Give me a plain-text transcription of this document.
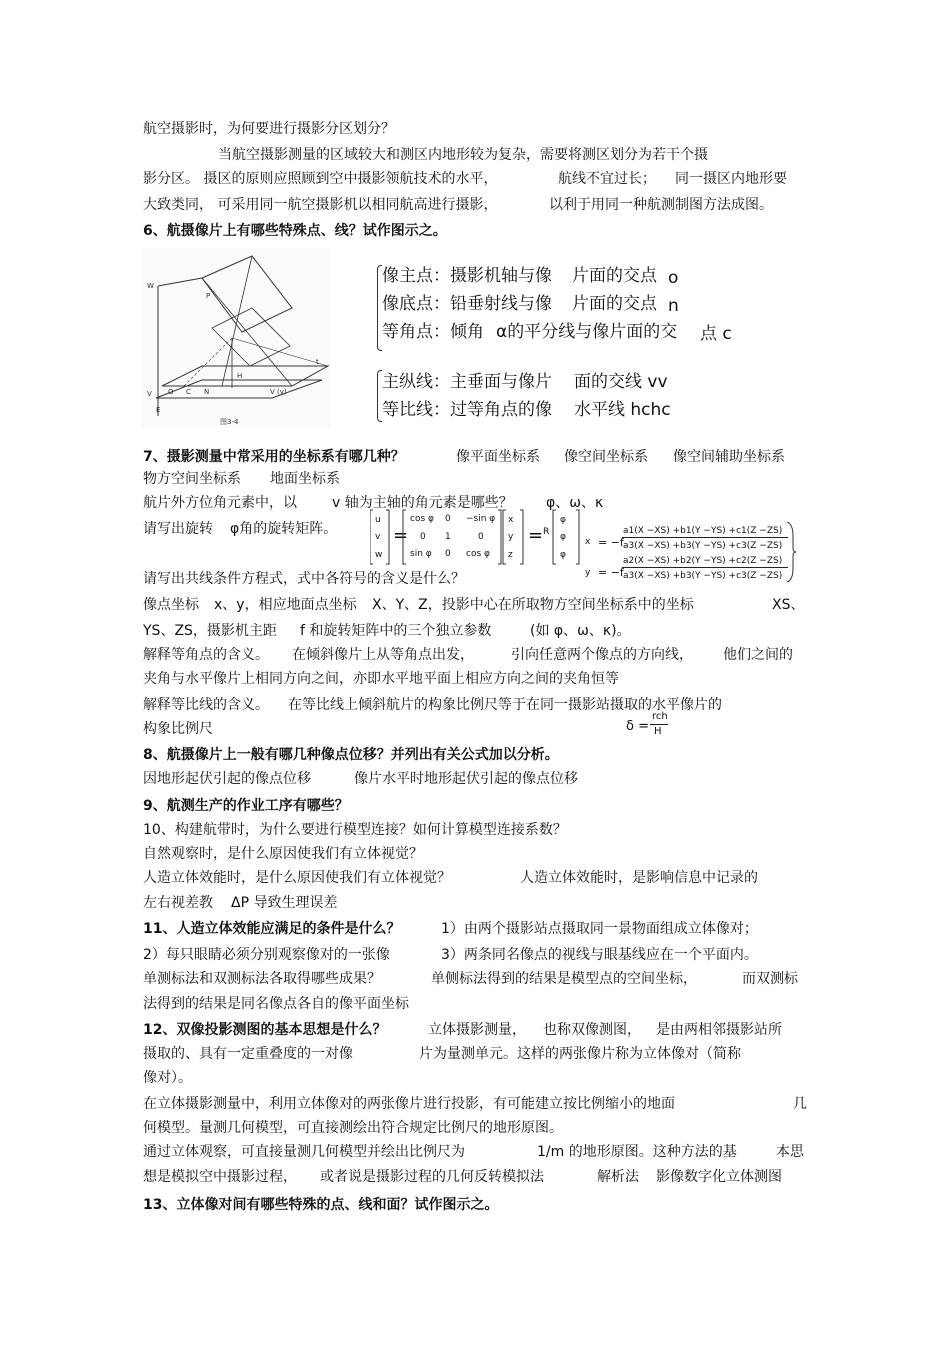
航空摄影时，为何要进行摄影分区划分？
当航空摄影测量的区域较大和测区内地形较为复杂，需要将测区划分为若干个摄
影分区。 摄区的原则应照顾到空中摄影领航技术的水平，	航线不宜过长； 同一摄区内地形要
大致类同， 可采用同一航空摄影机以相同航高进行摄影，	以利于用同一种航测制图方法成图。
6、航摄像片上有哪些特殊点、线？试作图示之。
W
P
O C N	V (v)
E
H
t
V
图3-4
像主点：摄影机轴与像 片面的交点 o
像底点：铅垂射线与像 片面的交点 n
等角点：倾角 α的平分线与像片面的交 点 c
主纵线：主垂面与像片 面的交线 vv
等比线：过等角点的像 水平线 hchc
7、摄影测量中常采用的坐标系有哪几种？	像平面坐标系 像空间坐标系 像空间辅助坐标系
物方空间坐标系 地面坐标系
航片外方位角元素中，以	v 轴为主轴的角元素是哪些？ φ、ω、κ
请写出旋转 φ角的旋转矩阵。
u
v
w
=
cos φ 0 −sin φ
0 1	0
sin φ 0 cos φ
x
y
z
= R
φ
φ
φ
x = −f
a1(X −XS) +b1(Y −YS) +c1(Z −ZS)
a3(X −XS) +b3(Y −YS) +c3(Z −ZS)
y = −f
a2(X −XS) +b2(Y −YS) +c2(Z −ZS)
a3(X −XS) +b3(Y −YS) +c3(Z −ZS)
请写出共线条件方程式，式中各符号的含义是什么？
像点坐标 x、y，相应地面点坐标 X、Y、Z，投影中心在所取物方空间坐标系中的坐标	XS、
YS、ZS，摄影机主距 f 和旋转矩阵中的三个独立参数	(如 φ、ω、κ)。
解释等角点的含义。 在倾斜像片上从等角点出发，	引向任意两个像点的方向线， 他们之间的
夹角与水平像片上相同方向之间，亦即水平地平面上相应方向之间的夹角恒等
解释等比线的含义。 在等比线上倾斜航片的构象比例尺等于在同一摄影站摄取的水平像片的
构象比例尺	δ =
rch
H
8、航摄像片上一般有哪几种像点位移？并列出有关公式加以分析。
因地形起伏引起的像点位移	像片水平时地形起伏引起的像点位移
9、航测生产的作业工序有哪些？
10、构建航带时，为什么要进行模型连接？如何计算模型连接系数？
自然观察时，是什么原因使我们有立体视觉？
人造立体效能时，是什么原因使我们有立体视觉？	人造立体效能时，是影响信息中记录的
左右视差教 ΔP 导致生理误差
11、人造立体效能应满足的条件是什么？	1）由两个摄影站点摄取同一景物面组成立体像对；
2）每只眼睛必须分别观察像对的一张像	3）两条同名像点的视线与眼基线应在一个平面内。
单测标法和双测标法各取得哪些成果？	单侧标法得到的结果是模型点的空间坐标，	而双测标
法得到的结果是同名像点各自的像平面坐标
12、双像投影测图的基本思想是什么？	立体摄影测量， 也称双像测图， 是由两相邻摄影站所
摄取的、具有一定重叠度的一对像	片为量测单元。这样的两张像片称为立体像对（简称
像对）。
在立体摄影测量中，利用立体像对的两张像片进行投影，有可能建立按比例缩小的地面	几
何模型。量测几何模型，可直接测绘出符合规定比例尺的地形原图。
通过立体观察，可直接量测几何模型并绘出比例尺为	1/m 的地形原图。这种方法的基	本思
想是模拟空中摄影过程， 或者说是摄影过程的几何反转模拟法	解析法 影像数字化立体测图
13、立体像对间有哪些特殊的点、线和面？试作图示之。
